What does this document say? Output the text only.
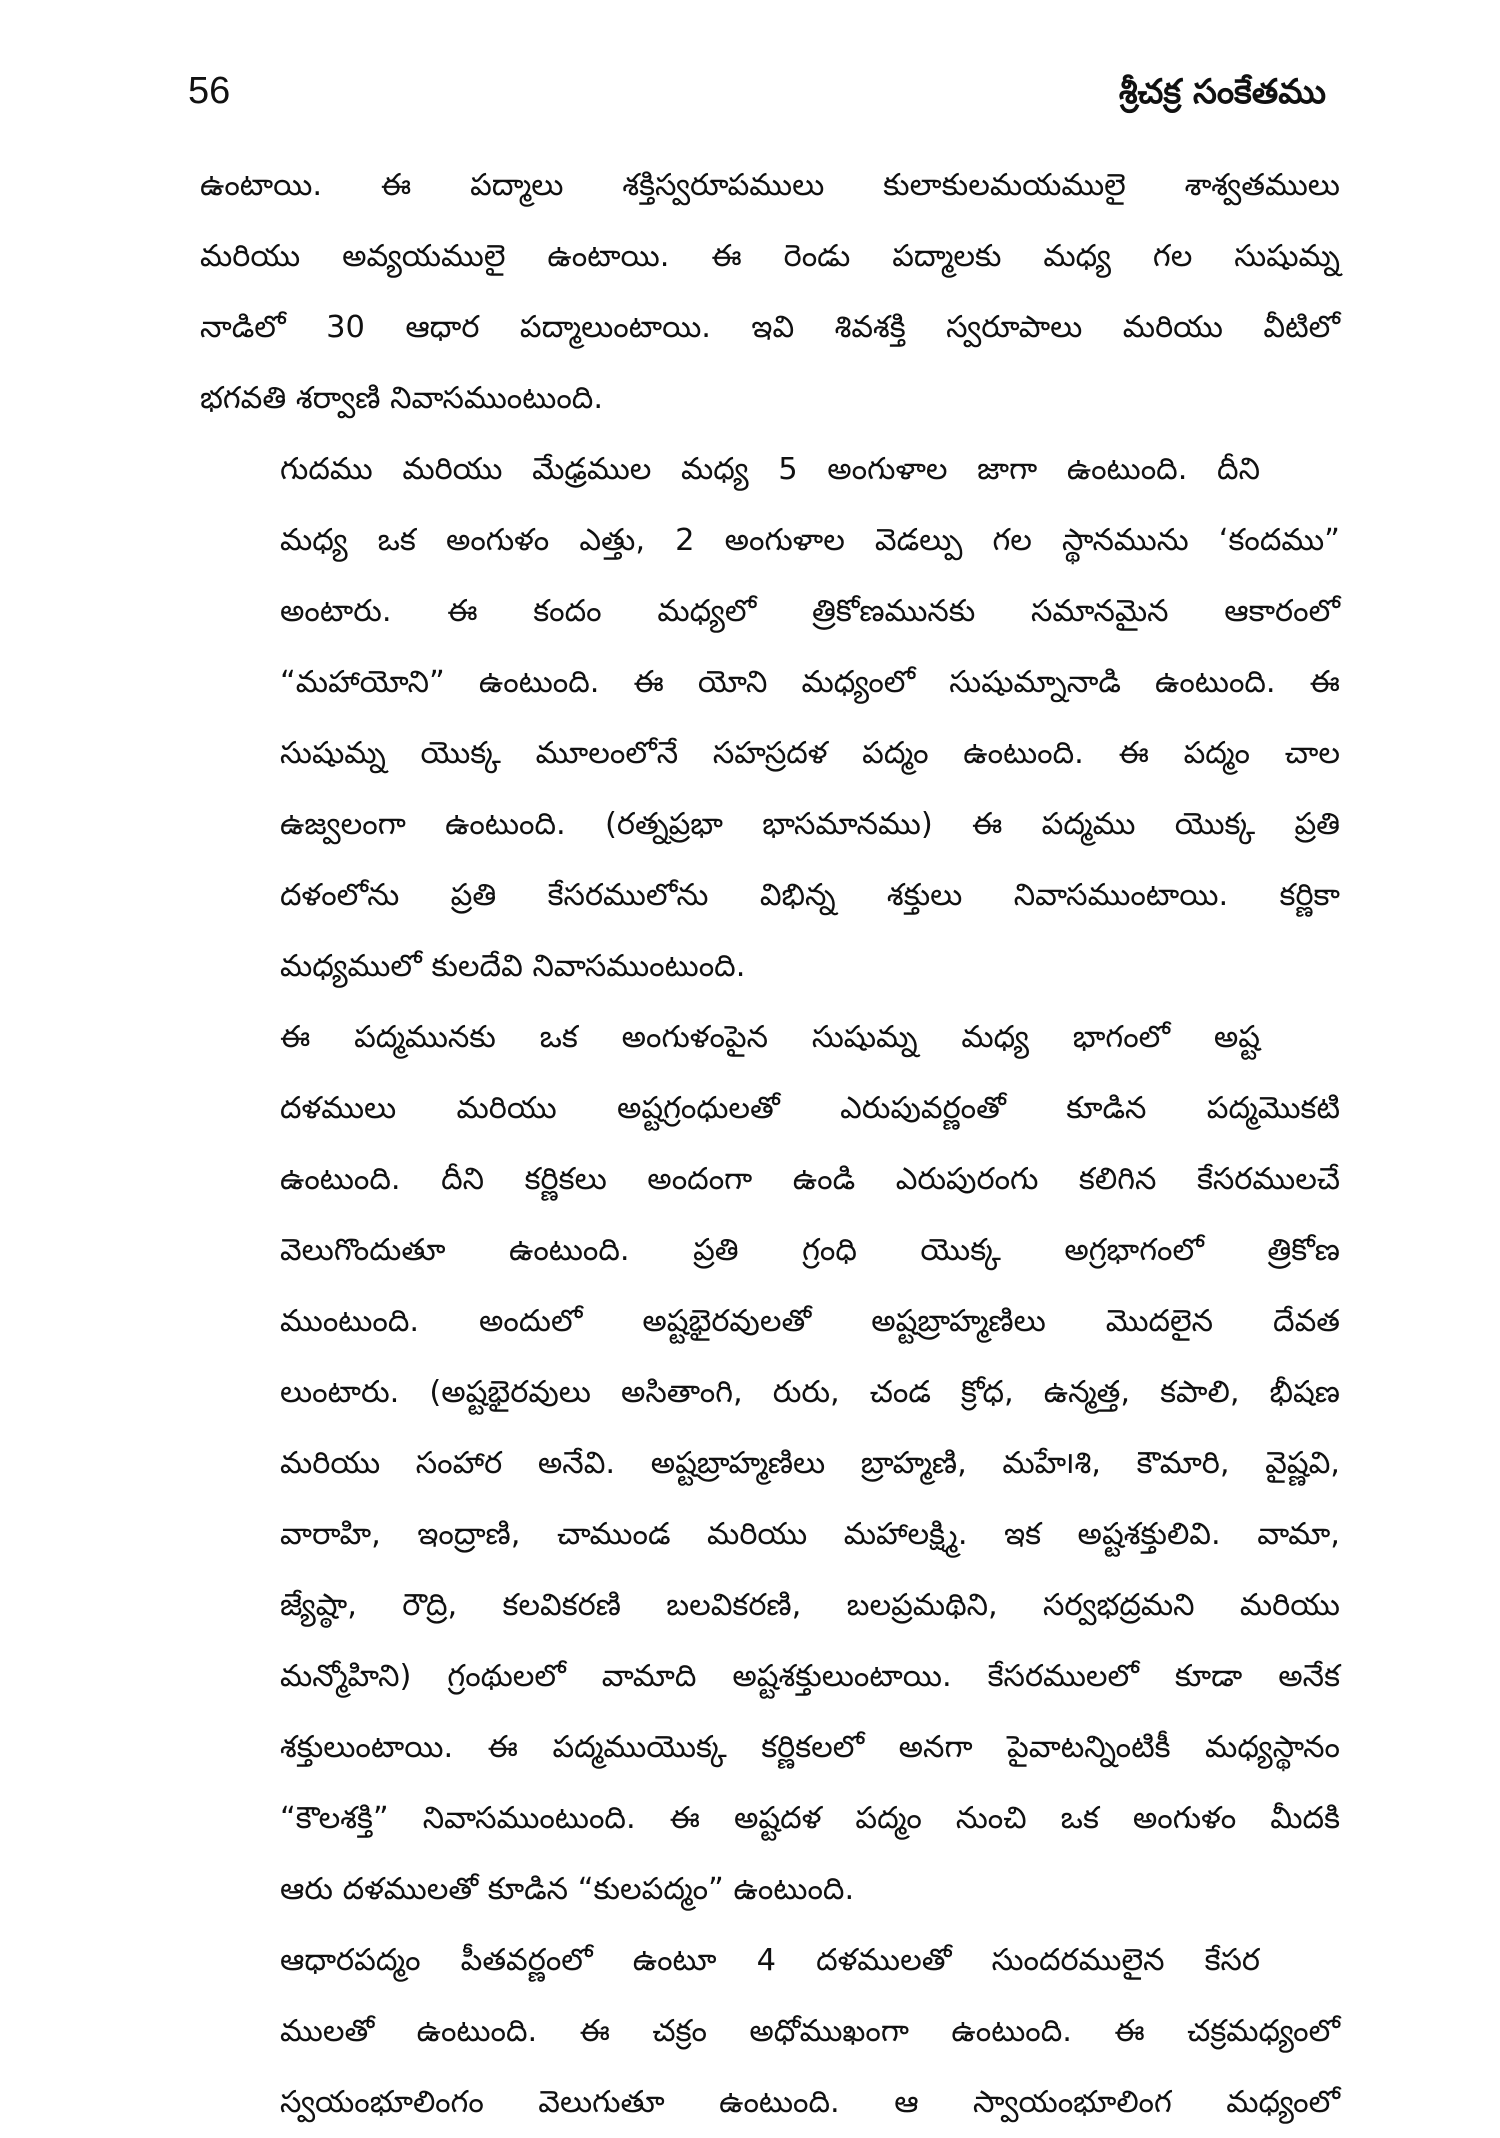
56	శ్రీచక్ర సంకేతము
ఉంటాయి. ఈ పద్మాలు శక్తిస్వరూపములు కులాకులమయములై శాశ్వతములు
మరియు అవ్యయములై ఉంటాయి. ఈ రెండు పద్మాలకు మధ్య గల సుషుమ్న
నాడిలో 30 ఆధార పద్మాలుంటాయి. ఇవి శివశక్తి స్వరూపాలు మరియు వీటిలో
భగవతి శర్వాణి నివాసముంటుంది.
గుదము మరియు మేఢ్రముల మధ్య 5 అంగుళాల జాగా ఉంటుంది. దీని
మధ్య ఒక అంగుళం ఎత్తు, 2 అంగుళాల వెడల్పు గల స్థానమును ‘కందము”
అంటారు. ఈ కందం మధ్యలో త్రికోణమునకు సమానమైన ఆకారంలో
“మహాయోని” ఉంటుంది. ఈ యోని మధ్యంలో సుషుమ్నానాడి ఉంటుంది. ఈ
సుషుమ్న యొక్క మూలంలోనే సహస్రదళ పద్మం ఉంటుంది. ఈ పద్మం చాల
ఉజ్వలంగా ఉంటుంది. (రత్నప్రభా భాసమానము) ఈ పద్మము యొక్క ప్రతి
దళంలోను ప్రతి కేసరములోను విభిన్న శక్తులు నివాసముంటాయి. కర్ణికా
మధ్యములో కులదేవి నివాసముంటుంది.
ఈ పద్మమునకు ఒక అంగుళంపైన సుషుమ్న మధ్య భాగంలో అష్ట
దళములు మరియు అష్టగ్రంధులతో ఎరుపువర్ణంతో కూడిన పద్మమొకటి
ఉంటుంది. దీని కర్ణికలు అందంగా ఉండి ఎరుపురంగు కలిగిన కేసరములచే
వెలుగొందుతూ ఉంటుంది. ప్రతి గ్రంధి యొక్క అగ్రభాగంలో త్రికోణ
ముంటుంది. అందులో అష్టభైరవులతో అష్టబ్రాహ్మణిలు మొదలైన దేవత
లుంటారు. (అష్టభైరవులు అసితాంగి, రురు, చండ క్రోధ, ఉన్మత్త, కపాలి, భీషణ
మరియు సంహార అనేవి. అష్టబ్రాహ్మణిలు బ్రాహ్మణి, మహే౹శి, కౌమారి, వైష్ణవి,
వారాహి, ఇంద్రాణి, చాముండ మరియు మహాలక్ష్మి. ఇక అష్టశక్తులివి. వామా,
జ్యేష్ఠా, రౌద్రి, కలవికరణి బలవికరణి, బలప్రమథిని, సర్వభద్రమని మరియు
మన్మోహిని) గ్రంథులలో వామాది అష్టశక్తులుంటాయి. కేసరములలో కూడా అనేక
శక్తులుంటాయి. ఈ పద్మముయొక్క కర్ణికలలో అనగా పైవాటన్నింటికీ మధ్యస్థానం
“కౌలశక్తి” నివాసముంటుంది. ఈ అష్టదళ పద్మం నుంచి ఒక అంగుళం మీదకి
ఆరు దళములతో కూడిన “కులపద్మం” ఉంటుంది.
ఆధారపద్మం పీతవర్ణంలో ఉంటూ 4 దళములతో సుందరములైన కేసర
ములతో ఉంటుంది. ఈ చక్రం అధోముఖంగా ఉంటుంది. ఈ చక్రమధ్యంలో
స్వయంభూలింగం వెలుగుతూ ఉంటుంది. ఆ స్వాయంభూలింగ మధ్యంలో
